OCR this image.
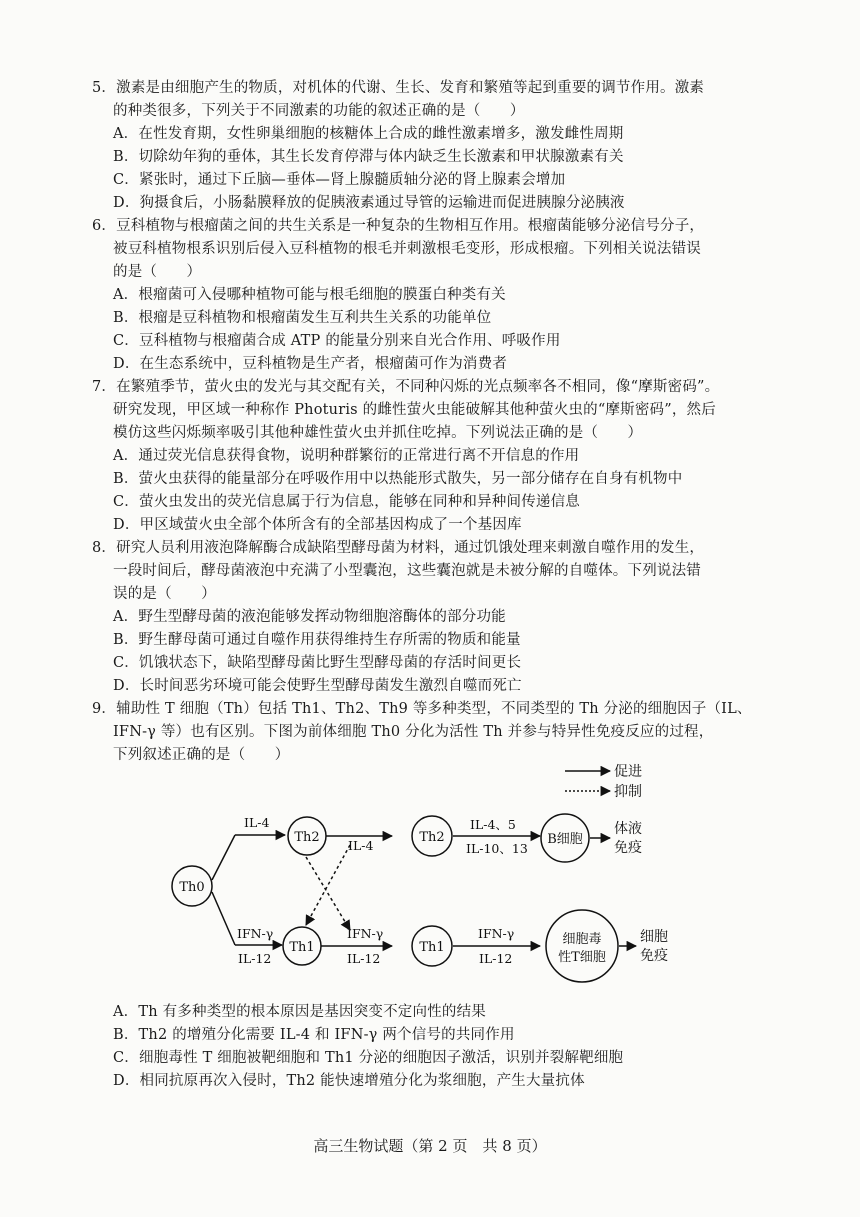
5．激素是由细胞产生的物质，对机体的代谢、生长、发育和繁殖等起到重要的调节作用。激素
的种类很多，下列关于不同激素的功能的叙述正确的是（　　）
A．在性发育期，女性卵巢细胞的核糖体上合成的雌性激素增多，激发雌性周期
B．切除幼年狗的垂体，其生长发育停滞与体内缺乏生长激素和甲状腺激素有关
C．紧张时，通过下丘脑—垂体—肾上腺髓质轴分泌的肾上腺素会增加
D．狗摄食后，小肠黏膜释放的促胰液素通过导管的运输进而促进胰腺分泌胰液
6．豆科植物与根瘤菌之间的共生关系是一种复杂的生物相互作用。根瘤菌能够分泌信号分子，
被豆科植物根系识别后侵入豆科植物的根毛并刺激根毛变形，形成根瘤。下列相关说法错误
的是（　　）
A．根瘤菌可入侵哪种植物可能与根毛细胞的膜蛋白种类有关
B．根瘤是豆科植物和根瘤菌发生互利共生关系的功能单位
C．豆科植物与根瘤菌合成 ATP 的能量分别来自光合作用、呼吸作用
D．在生态系统中，豆科植物是生产者，根瘤菌可作为消费者
7．在繁殖季节，萤火虫的发光与其交配有关，不同种闪烁的光点频率各不相同，像“摩斯密码”。
研究发现，甲区域一种称作 Photuris 的雌性萤火虫能破解其他种萤火虫的“摩斯密码”，然后
模仿这些闪烁频率吸引其他种雄性萤火虫并抓住吃掉。下列说法正确的是（　　）
A．通过荧光信息获得食物，说明种群繁衍的正常进行离不开信息的作用
B．萤火虫获得的能量部分在呼吸作用中以热能形式散失，另一部分储存在自身有机物中
C．萤火虫发出的荧光信息属于行为信息，能够在同种和异种间传递信息
D．甲区域萤火虫全部个体所含有的全部基因构成了一个基因库
8．研究人员利用液泡降解酶合成缺陷型酵母菌为材料，通过饥饿处理来刺激自噬作用的发生，
一段时间后，酵母菌液泡中充满了小型囊泡，这些囊泡就是未被分解的自噬体。下列说法错
误的是（　　）
A．野生型酵母菌的液泡能够发挥动物细胞溶酶体的部分功能
B．野生酵母菌可通过自噬作用获得维持生存所需的物质和能量
C．饥饿状态下，缺陷型酵母菌比野生型酵母菌的存活时间更长
D．长时间恶劣环境可能会使野生型酵母菌发生激烈自噬而死亡
9．辅助性 T 细胞（Th）包括 Th1、Th2、Th9 等多种类型，不同类型的 Th 分泌的细胞因子（IL、
IFN-γ 等）也有区别。下图为前体细胞 Th0 分化为活性 Th 并参与特异性免疫反应的过程，
下列叙述正确的是（　　）
促进
抑制
Th0
IL-4
IFN-γ
IL-12
Th2
Th1
IL-4
IFN-γ
IL-12
Th2
Th1
IL-4、5
IL-10、13
B细胞
体液
免疫
IFN-γ
IL-12
细胞毒
性T细胞
细胞
免疫
A．Th 有多种类型的根本原因是基因突变不定向性的结果
B．Th2 的增殖分化需要 IL-4 和 IFN-γ 两个信号的共同作用
C．细胞毒性 T 细胞被靶细胞和 Th1 分泌的细胞因子激活，识别并裂解靶细胞
D．相同抗原再次入侵时，Th2 能快速增殖分化为浆细胞，产生大量抗体
高三生物试题（第 2 页　共 8 页）
